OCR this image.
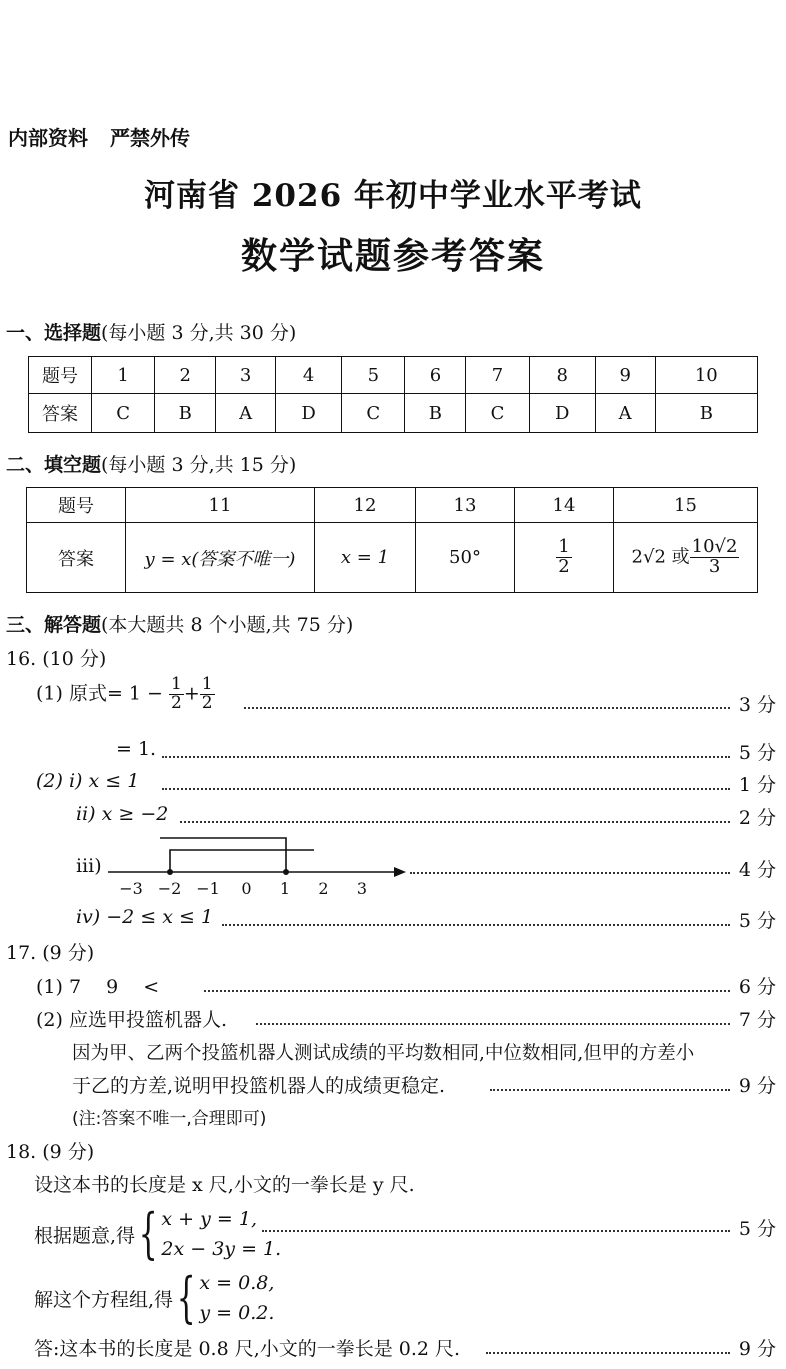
内部资料 严禁外传
河南省 2026 年初中学业水平考试
数学试题参考答案
一、选择题(每小题 3 分,共 30 分)
题号	1	2	3	4	5	6	7	8	9	10
答案	C	B	A	D	C	B	C	D	A	B
二、填空题(每小题 3 分,共 15 分)
题号	11	12	13	14	15
答案	y = x(答案不唯一)	x = 1	50°	$\frac{1}{2}$	2√2 或 $\frac{10√2}{3}$
三、解答题(本大题共 8 个小题,共 75 分)
16. (10 分)
(1) 原式= $1 - \frac{1}{2} + \frac{1}{2}$	3 分
= 1.	5 分
(2) ⅰ) x ≤ 1	1 分
ⅱ) x ≥ −2	2 分
ⅲ)
−3 −2 −1 0 1 2 3
4 分
ⅳ) −2 ≤ x ≤ 1	5 分
17. (9 分)
(1) 7　 9　 <	6 分
(2) 应选甲投篮机器人.	7 分
因为甲、乙两个投篮机器人测试成绩的平均数相同,中位数相同,但甲的方差小
于乙的方差,说明甲投篮机器人的成绩更稳定.	9 分
(注:答案不唯一,合理即可)
18. (9 分)
设这本书的长度是 x 尺,小文的一拳长是 y 尺.
根据题意,得{ x + y = 1,
2x − 3y = 1.
5 分
解这个方程组,得{ x = 0.8,
y = 0.2.
答:这本书的长度是 0.8 尺,小文的一拳长是 0.2 尺.	9 分
